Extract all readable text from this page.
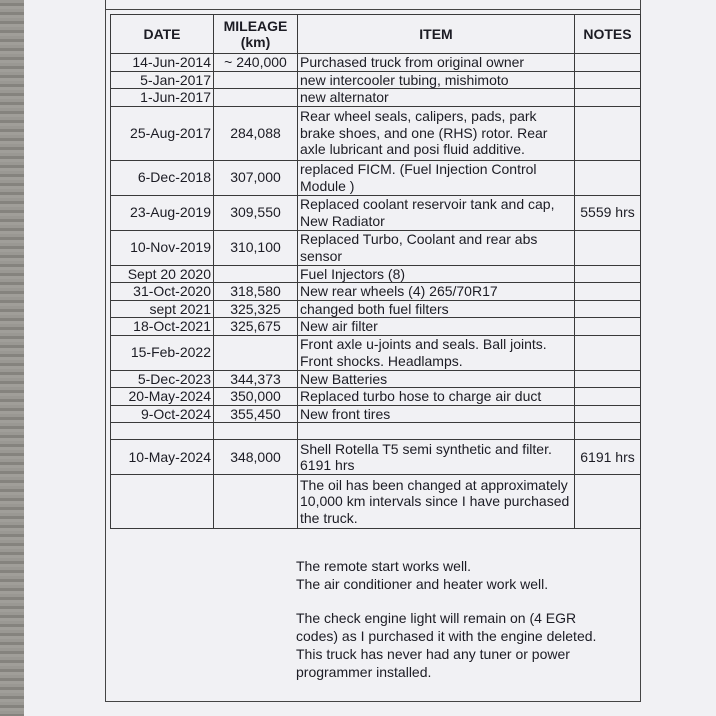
DATE	MILEAGE (km)	ITEM	NOTES
14-Jun-2014	~ 240,000	Purchased truck from original owner	
5-Jan-2017		new intercooler tubing, mishimoto	
1-Jun-2017		new alternator	
25-Aug-2017	284,088	Rear wheel seals, calipers, pads, park brake shoes, and one (RHS) rotor. Rear axle lubricant and posi fluid additive.	
6-Dec-2018	307,000	replaced FICM. (Fuel Injection Control Module )	
23-Aug-2019	309,550	Replaced coolant reservoir tank and cap, New Radiator	5559 hrs
10-Nov-2019	310,100	Replaced Turbo, Coolant and rear abs sensor	
Sept 20 2020		Fuel Injectors (8)	
31-Oct-2020	318,580	New rear wheels (4) 265/70R17	
sept 2021	325,325	changed both fuel filters	
18-Oct-2021	325,675	New air filter	
15-Feb-2022		Front axle u-joints and seals. Ball joints. Front shocks. Headlamps.	
5-Dec-2023	344,373	New Batteries	
20-May-2024	350,000	Replaced turbo hose to charge air duct	
9-Oct-2024	355,450	New front tires	

10-May-2024	348,000	Shell Rotella T5 semi synthetic and filter. 6191 hrs	6191 hrs
		The oil has been changed at approximately 10,000 km intervals since I have purchased the truck.	

The remote start works well.

The air conditioner and heater work well.

The check engine light will remain on (4 EGR codes) as I purchased it with the engine deleted. This truck has never had any tuner or power programmer installed.
